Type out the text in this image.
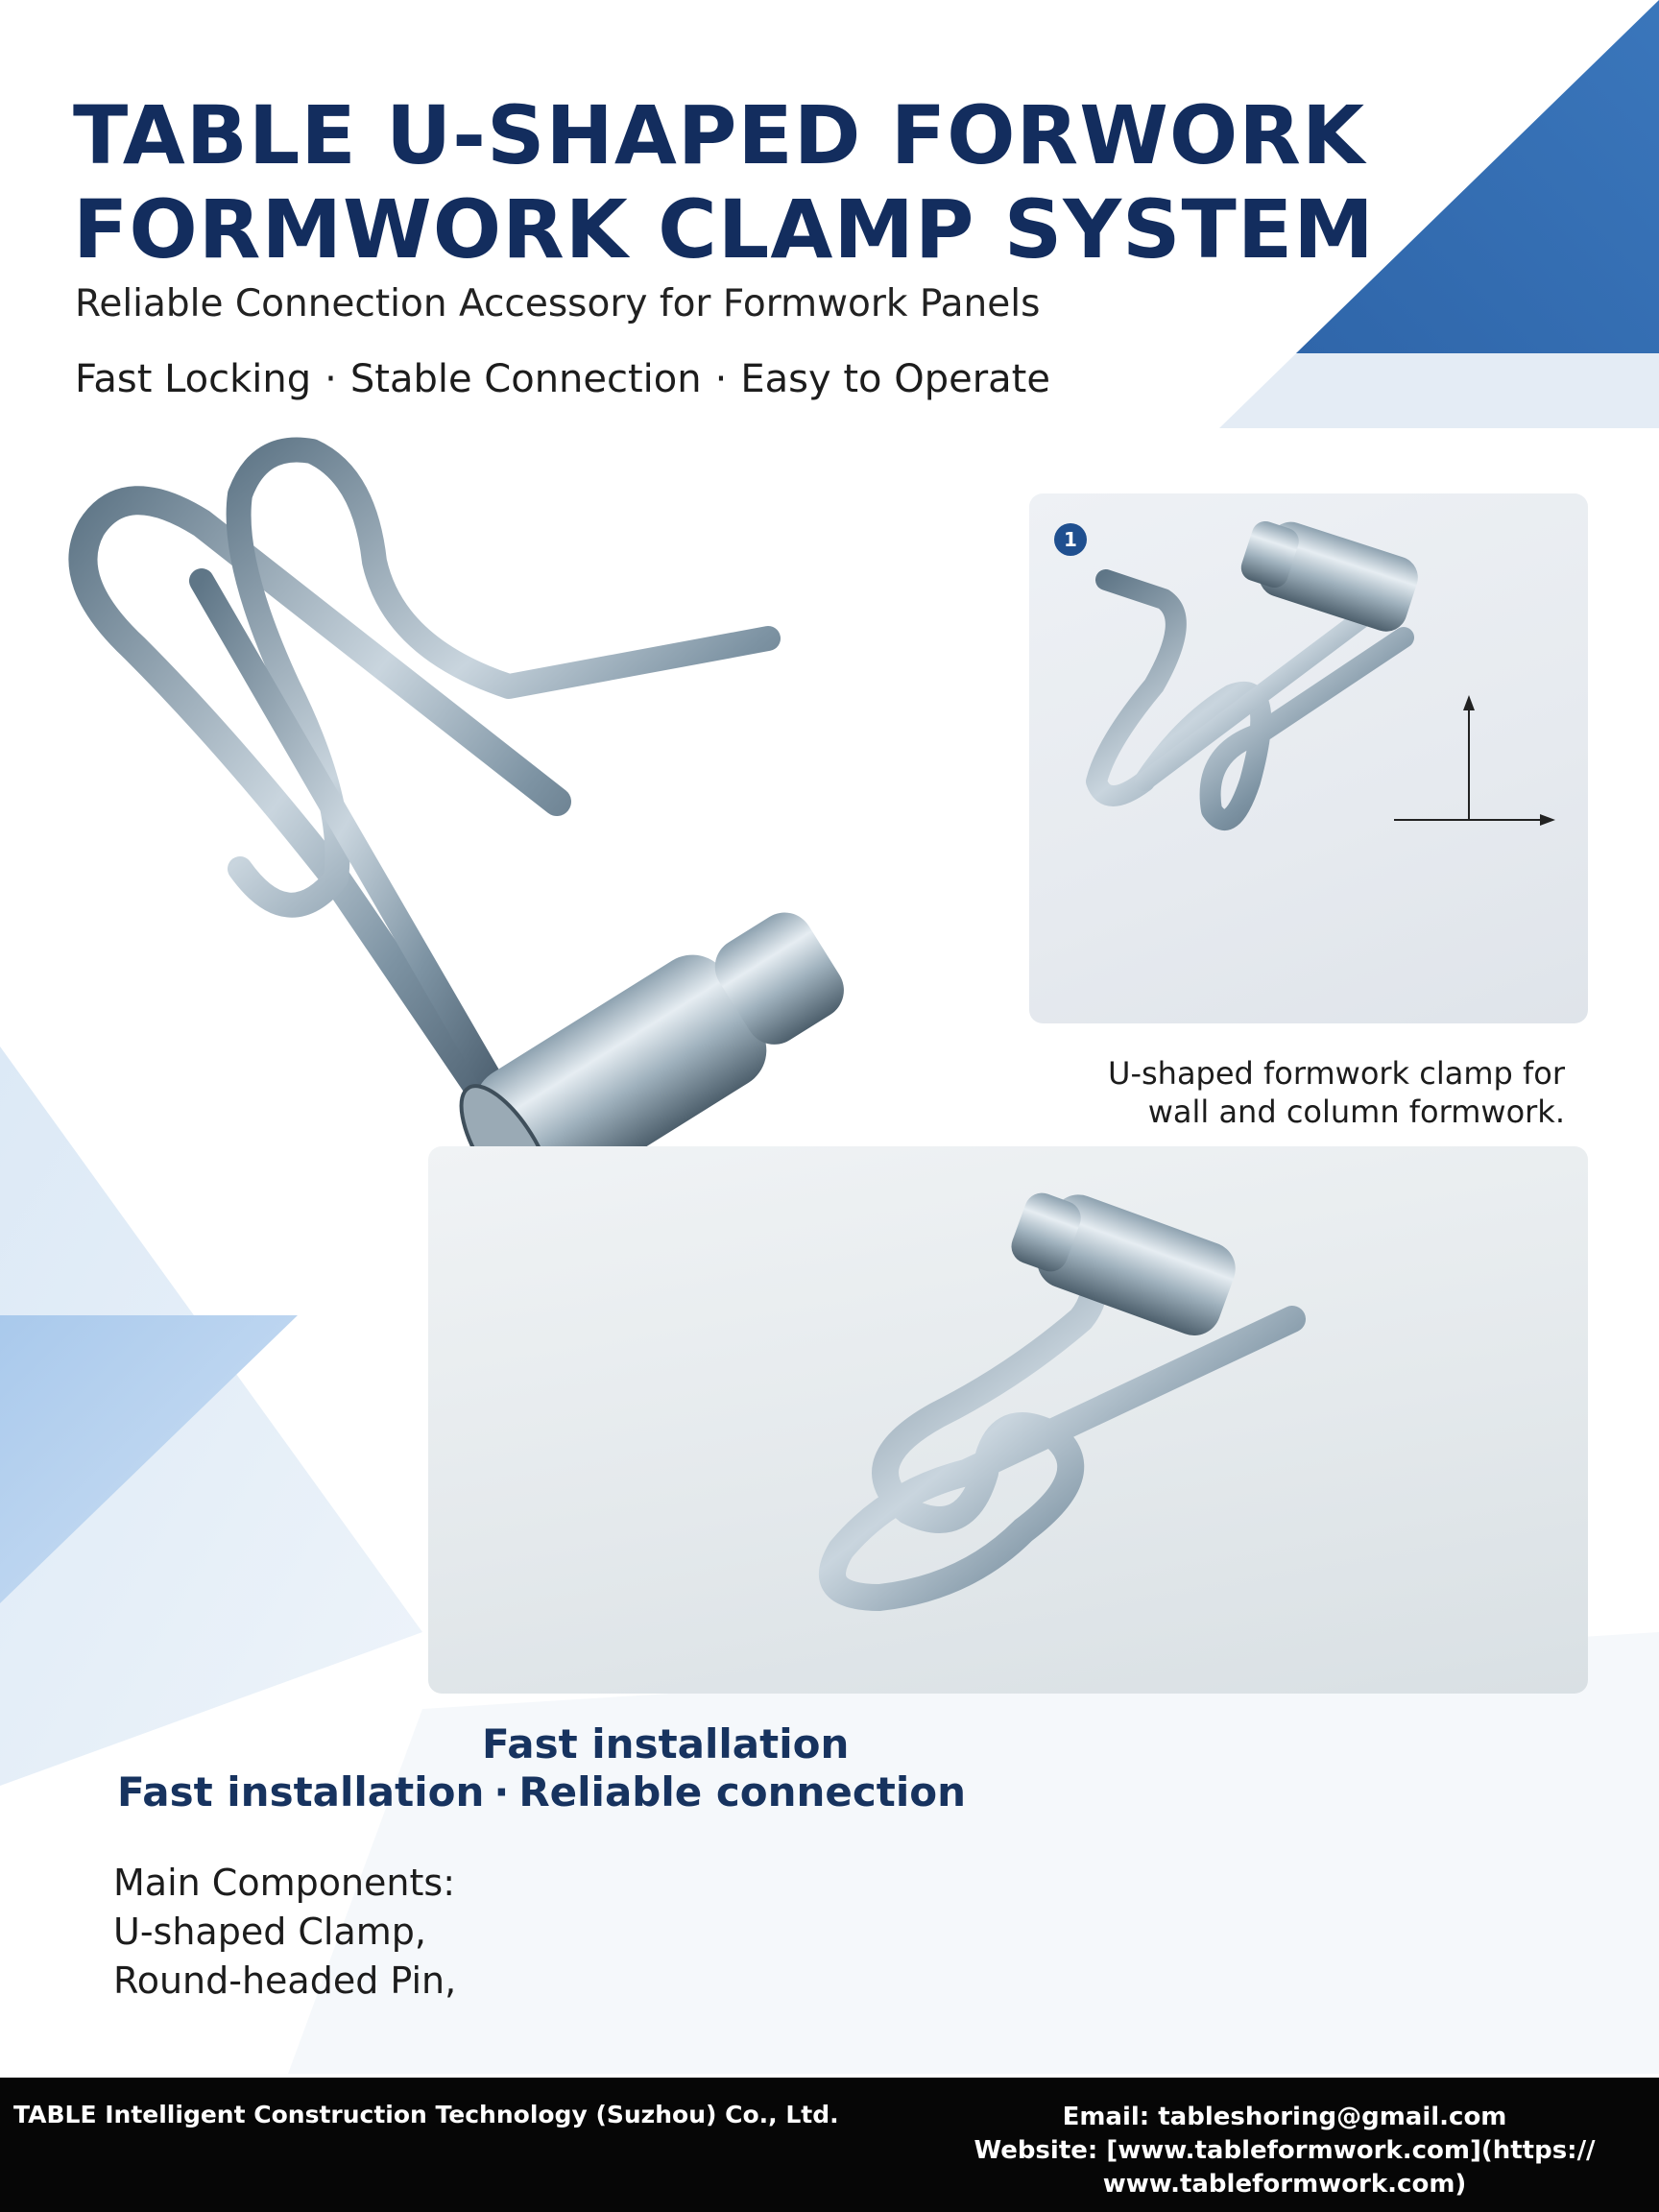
TABLE U-SHAPED FORWORK
FORMWORK CLAMP SYSTEM
Reliable Connection Accessory for Formwork Panels
Fast Locking · Stable Connection · Easy to Operate
1
U-shaped formwork clamp for
wall and column formwork.
Fast installation
Fast installation · Reliable connection
Main Components:
U-shaped Clamp,
Round-headed Pin,
TABLE Intelligent Construction Technology (Suzhou) Co., Ltd.	Email: tableshoring@gmail.com
Website: [www.tableformwork.com](https://
www.tableformwork.com)
